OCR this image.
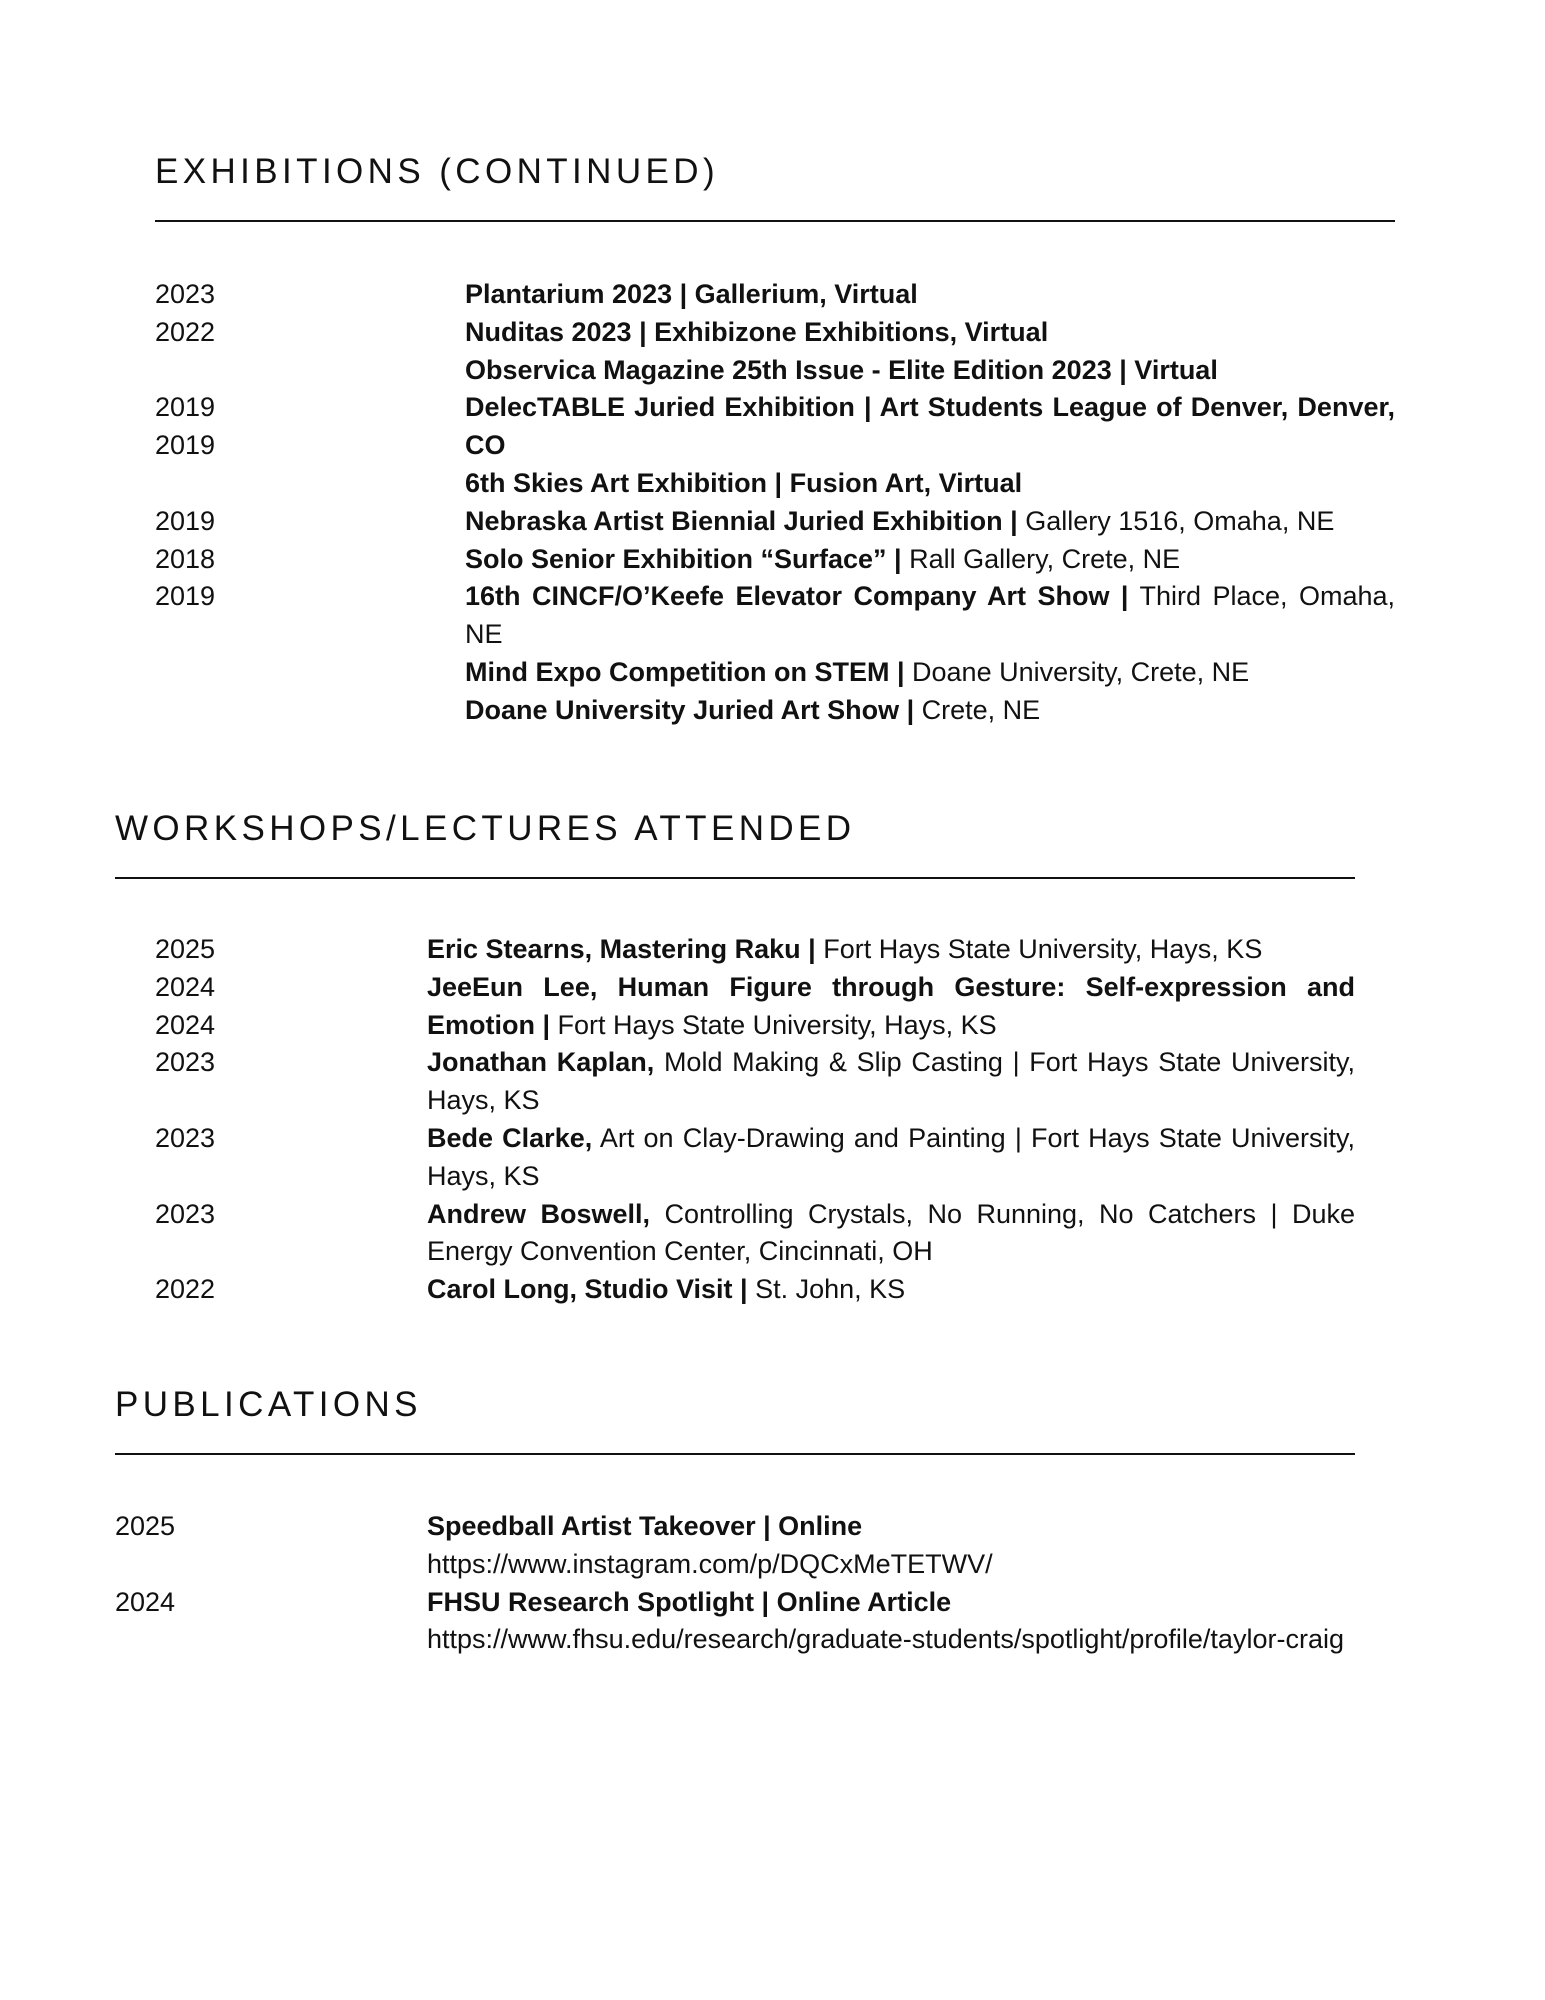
EXHIBITIONS (CONTINUED)
2023
2022

2019
2019

2019
2018
2019
Plantarium 2023 | Gallerium, Virtual
Nuditas 2023 | Exhibizone Exhibitions, Virtual
Observica Magazine 25th Issue - Elite Edition 2023 | Virtual
DelecTABLE Juried Exhibition | Art Students League of Denver, Denver, CO
6th Skies Art Exhibition | Fusion Art, Virtual
Nebraska Artist Biennial Juried Exhibition | Gallery 1516, Omaha, NE
Solo Senior Exhibition “Surface” | Rall Gallery, Crete, NE
16th CINCF/O’Keefe Elevator Company Art Show | Third Place, Omaha, NE
Mind Expo Competition on STEM | Doane University, Crete, NE
Doane University Juried Art Show | Crete, NE
WORKSHOPS/LECTURES ATTENDED
2025
2024
2024
2023

2023

2023

2022
Eric Stearns, Mastering Raku | Fort Hays State University, Hays, KS
JeeEun Lee, Human Figure through Gesture: Self-expression and Emotion | Fort Hays State University, Hays, KS
Jonathan Kaplan, Mold Making & Slip Casting | Fort Hays State University, Hays, KS
Bede Clarke, Art on Clay-Drawing and Painting | Fort Hays State University, Hays, KS
Andrew Boswell, Controlling Crystals, No Running, No Catchers | Duke Energy Convention Center, Cincinnati, OH
Carol Long, Studio Visit | St. John, KS
PUBLICATIONS
2025

2024
Speedball Artist Takeover | Online
https://www.instagram.com/p/DQCxMeTETWV/
FHSU Research Spotlight | Online Article
https://www.fhsu.edu/research/graduate-students/spotlight/profile/taylor-craig
